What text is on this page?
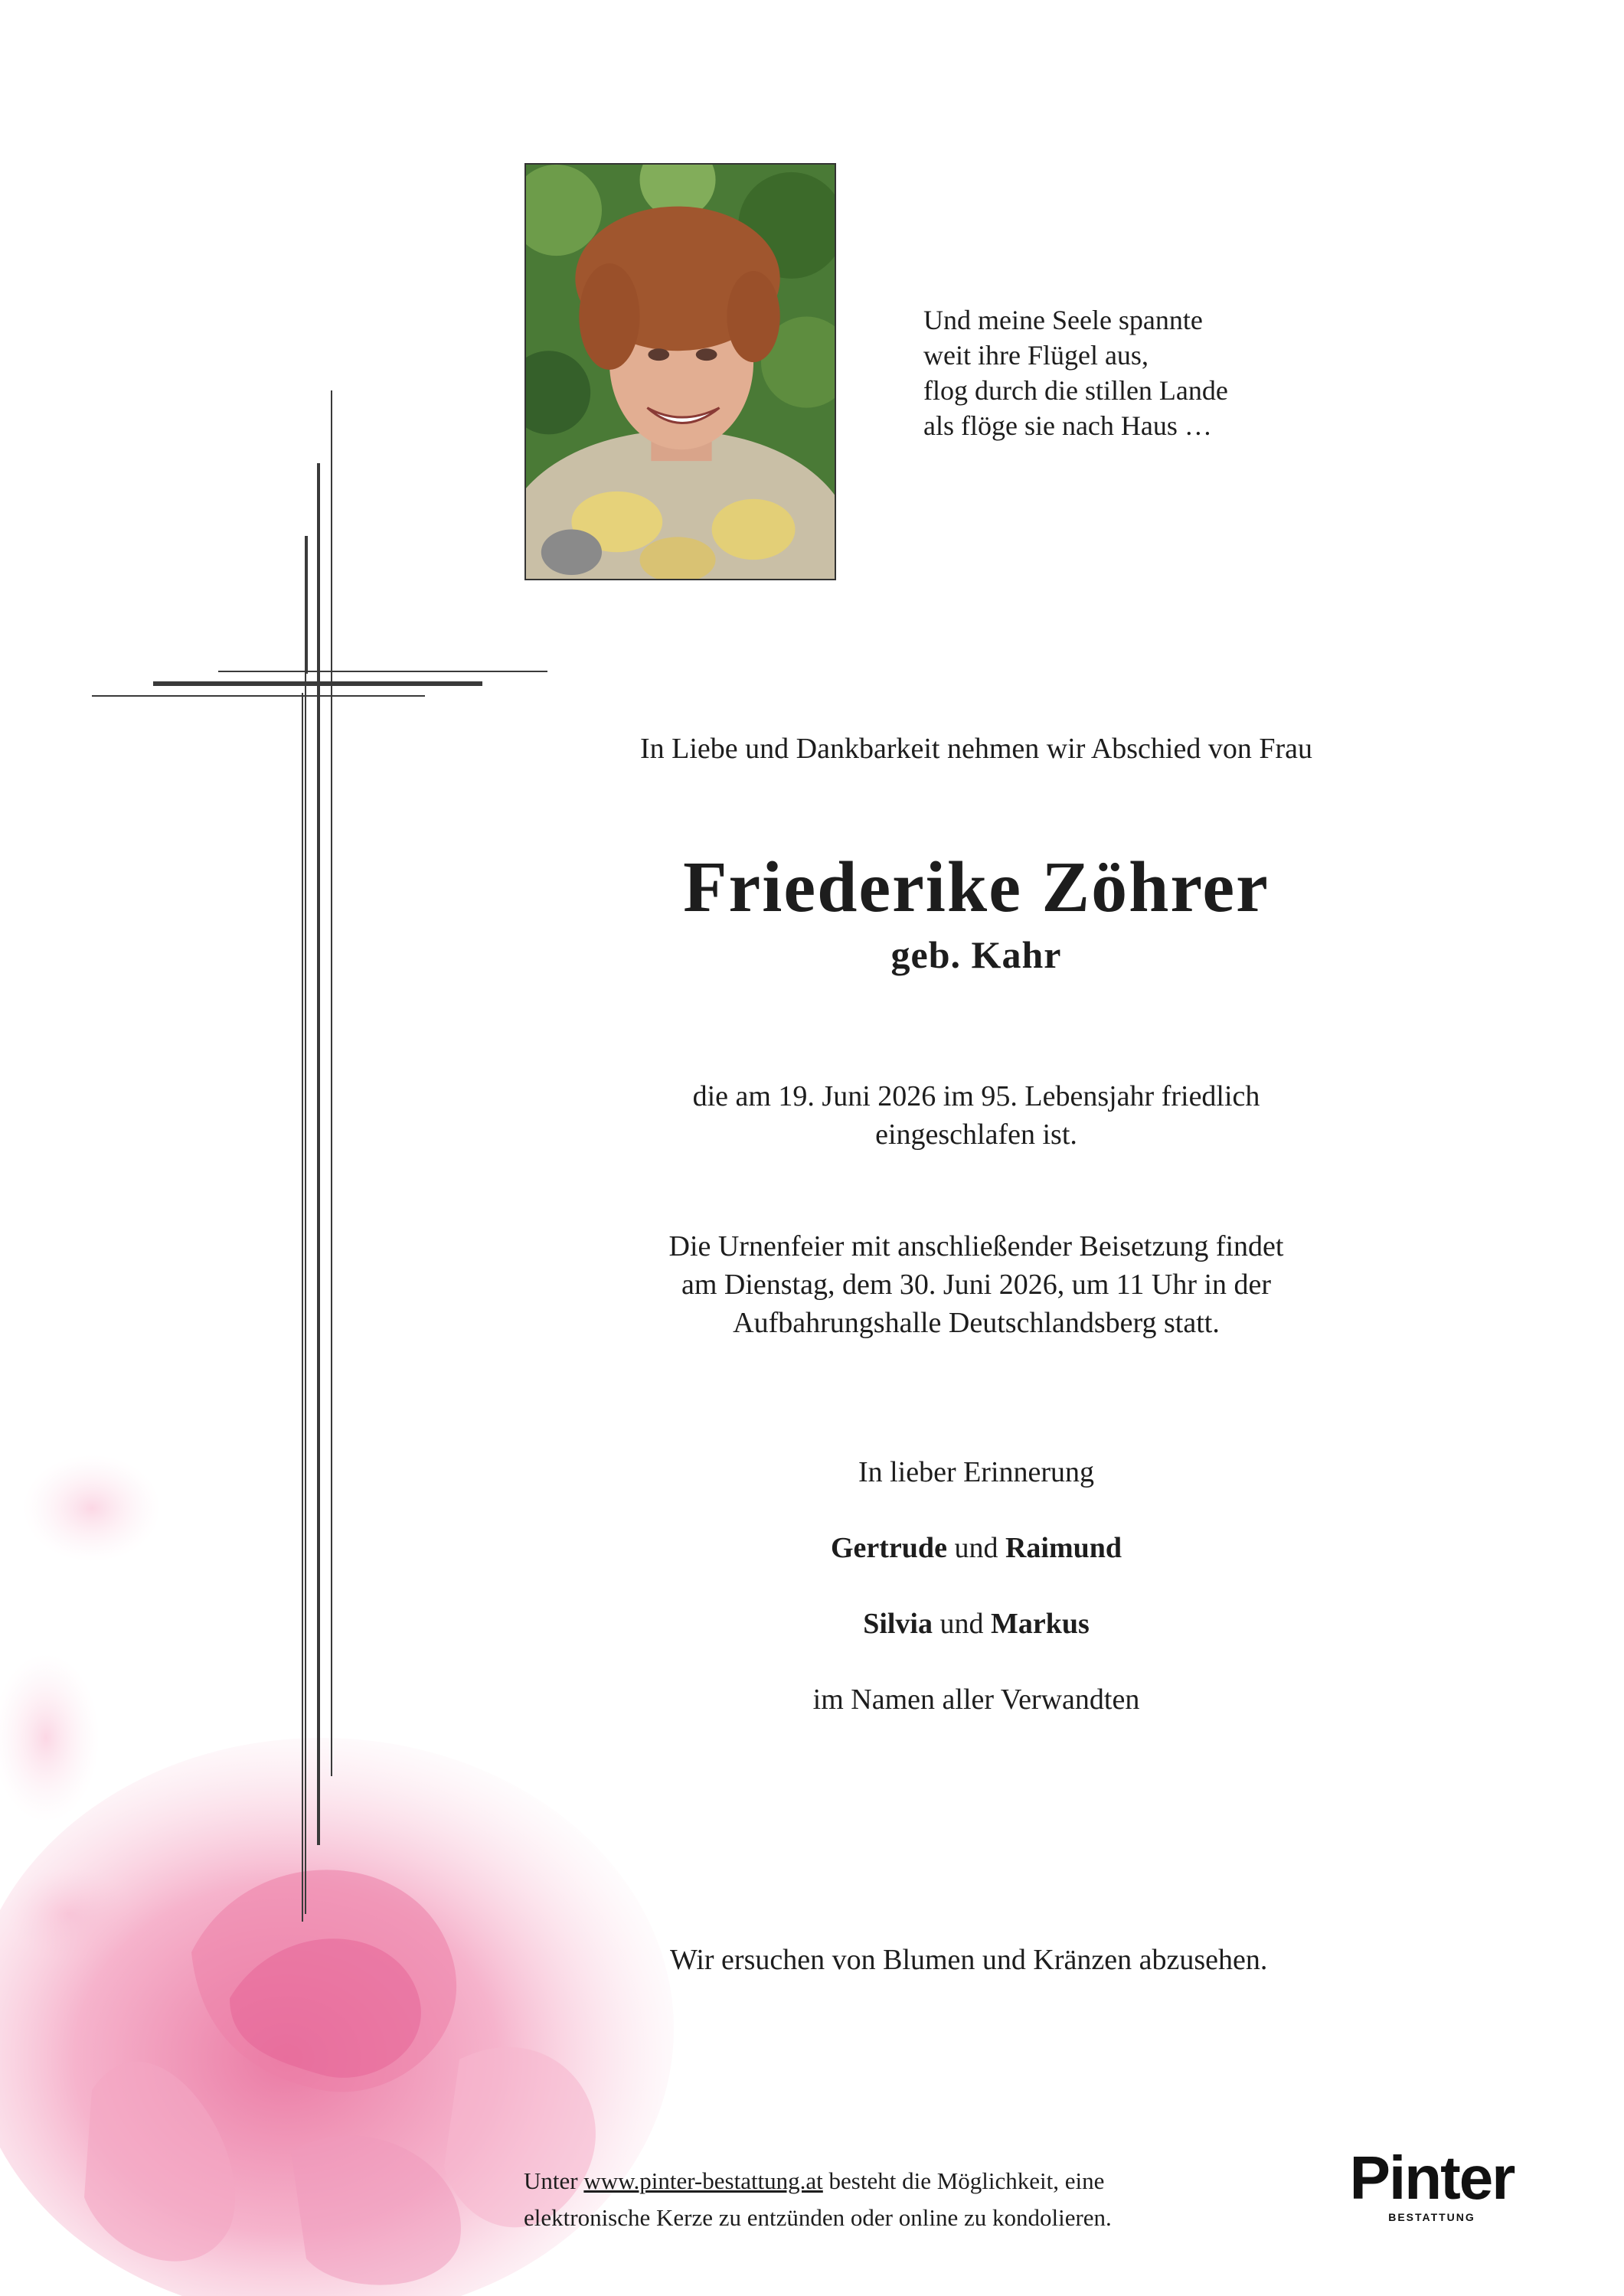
Und meine Seele spannte
weit ihre Flügel aus,
flog durch die stillen Lande
als flöge sie nach Haus …
In Liebe und Dankbarkeit nehmen wir Abschied von Frau
Friederike Zöhrer
geb. Kahr
die am 19. Juni 2026 im 95. Lebensjahr friedlich
eingeschlafen ist.
Die Urnenfeier mit anschließender Beisetzung findet
am Dienstag, dem 30. Juni 2026, um 11 Uhr in der
Aufbahrungshalle Deutschlandsberg statt.
In lieber Erinnerung
Gertrude und Raimund
Silvia und Markus
im Namen aller Verwandten
Wir ersuchen von Blumen und Kränzen abzusehen.
Unter www.pinter-bestattung.at besteht die Möglichkeit, eine
elektronische Kerze zu entzünden oder online zu kondolieren.
Pinter
BESTATTUNG
